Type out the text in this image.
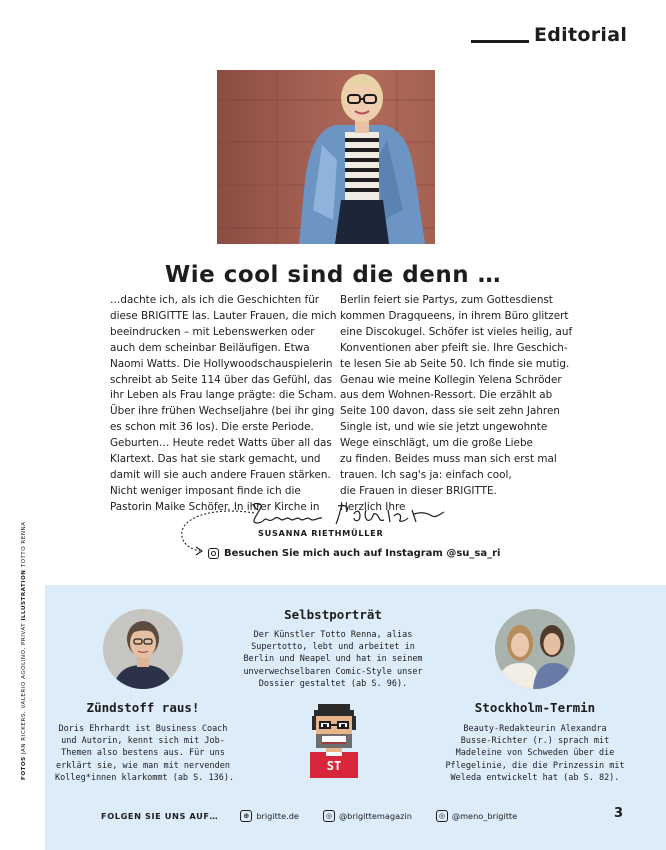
Editorial
Wie cool sind die denn …

…dachte ich, als ich die Geschichten für

diese BRIGITTE las. Lauter Frauen, die mich

beeindrucken – mit Lebenswerken oder

auch dem scheinbar Beiläufigen. Etwa

Naomi Watts. Die Hollywoodschauspielerin

schreibt ab Seite 114 über das Gefühl, das

ihr Leben als Frau lange prägte: die Scham.

Über ihre frühen Wechseljahre (bei ihr ging

es schon mit 36 los). Die erste Periode.

Geburten… Heute redet Watts über all das

Klartext. Das hat sie stark gemacht, und

damit will sie auch andere Frauen stärken.

Nicht weniger imposant finde ich die

Pastorin Maike Schöfer. In ihrer Kirche in

Berlin feiert sie Partys, zum Gottesdienst

kommen Dragqueens, in ihrem Büro glitzert

eine Discokugel. Schöfer ist vieles heilig, auf

Konventionen aber pfeift sie. Ihre Geschich-

te lesen Sie ab Seite 50. Ich finde sie mutig.

Genau wie meine Kollegin Yelena Schröder

aus dem Wohnen-Ressort. Die erzählt ab

Seite 100 davon, dass sie seit zehn Jahren

Single ist, und wie sie jetzt ungewohnte

Wege einschlägt, um die große Liebe

zu finden. Beides muss man sich erst mal

trauen. Ich sag's ja: einfach cool,

die Frauen in dieser BRIGITTE.

Herzlich Ihre

SUSANNA RIETHMÜLLER
Besuchen Sie mich auch auf Instagram @su_sa_ri
FOTOS JAN RICKERS, VALERIO AGOLINO, PRIVAT ILLUSTRATION TOTTO RENNA
Selbstporträt

Der Künstler Totto Renna, alias

Supertotto, lebt und arbeitet in

Berlin und Neapel und hat in seinem

unverwechselbaren Comic-Style unser

Dossier gestaltet (ab S. 96).

Zündstoff raus!

Doris Ehrhardt ist Business Coach

und Autorin, kennt sich mit Job-

Themen also bestens aus. Für uns

erklärt sie, wie man mit nervenden

Kolleg*innen klarkommt (ab S. 136).

Stockholm-Termin

Beauty-Redakteurin Alexandra

Busse-Richter (r.) sprach mit

Madeleine von Schweden über die

Pflegelinie, die die Prinzessin mit

Weleda entwickelt hat (ab S. 82).

ST
FOLGEN SIE UNS AUF…	⊕ brigitte.de	◎ @brigittemagazin	◎ @meno_brigitte	3
